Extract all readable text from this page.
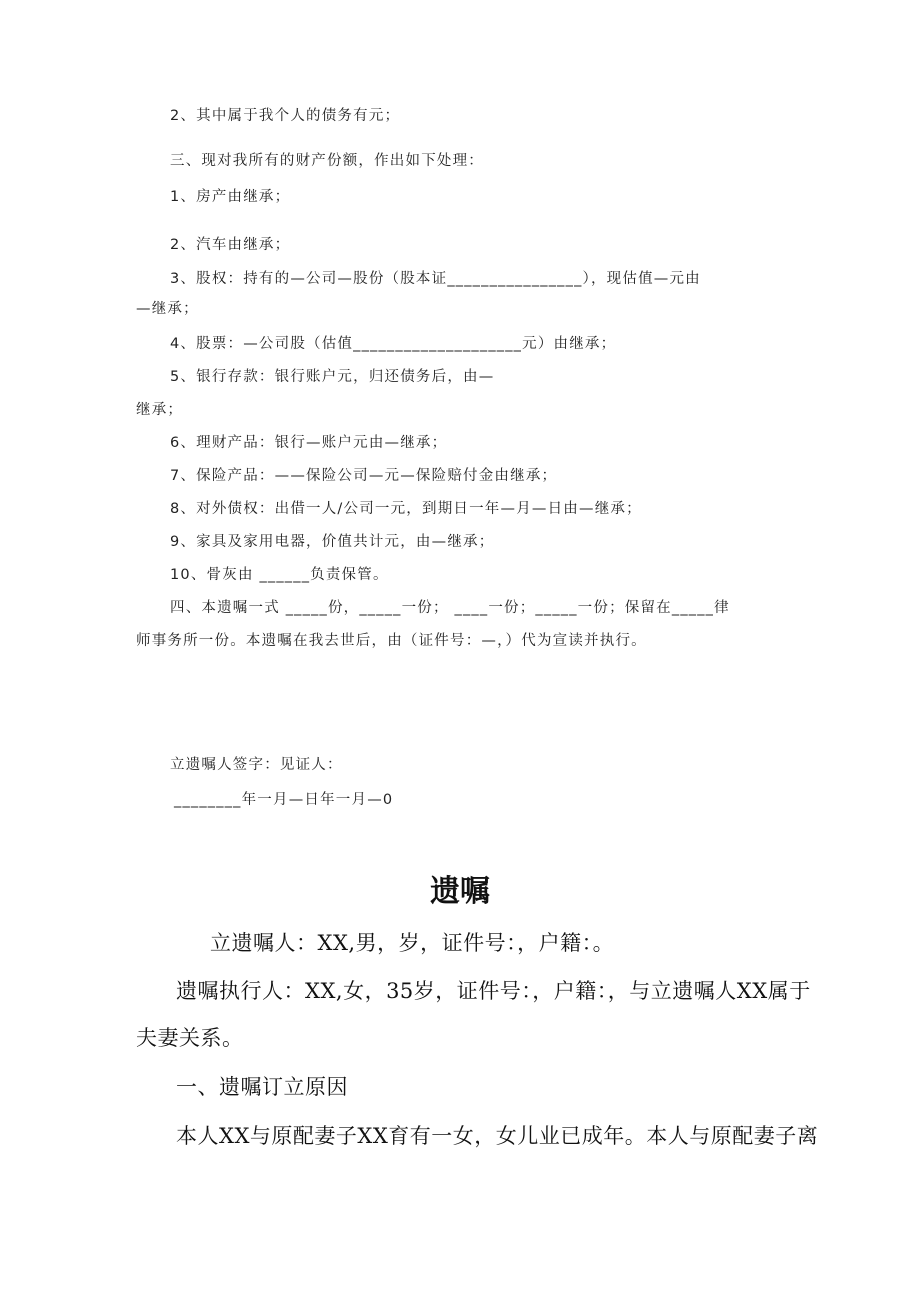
2、其中属于我个人的债务有元；

三、现对我所有的财产份额，作出如下处理：

1、房产由继承；

2、汽车由继承；

3、股权：持有的—公司—股份（股本证________________），现估值—元由

—继承；

4、股票：—公司股（估值____________________元）由继承；

5、银行存款：银行账户元，归还债务后，由—

继承；

6、理财产品：银行—账户元由—继承；

7、保险产品：——保险公司—元—保险赔付金由继承；

8、对外债权：出借一人/公司一元，到期日一年—月—日由—继承；

9、家具及家用电器，价值共计元，由—继承；

10、骨灰由 ______负责保管。

四、本遗嘱一式 _____份，_____一份； ____一份；_____一份；保留在_____律

师事务所一份。本遗嘱在我去世后，由（证件号：—，）代为宣读并执行。

立遗嘱人签字：见证人：

________年一月—日年一月—0

遗嘱

立遗嘱人：XX,男，岁，证件号：，户籍：。

遗嘱执行人：XX,女，35岁，证件号：，户籍：，与立遗嘱人XX属于

夫妻关系。

一、遗嘱订立原因

本人XX与原配妻子XX育有一女，女儿业已成年。本人与原配妻子离
